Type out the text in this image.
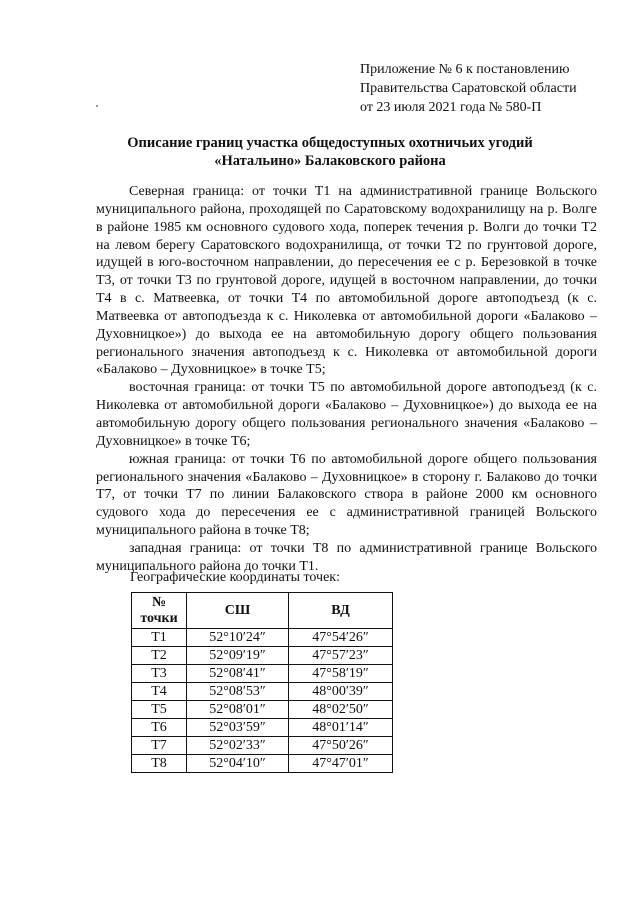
Приложение № 6 к постановлению
Правительства Саратовской области
от 23 июля 2021 года № 580-П
Описание границ участка общедоступных охотничьих угодий
«Натальино» Балаковского района

Северная граница: от точки Т1 на административной границе Вольского муниципального района, проходящей по Саратовскому водохранилищу на р. Волге в районе 1985 км основного судового хода, поперек течения р. Волги до точки Т2 на левом берегу Саратовского водохранилища, от точки Т2 по грунтовой дороге, идущей в юго-восточном направлении, до пересечения ее с р. Березовкой в точке Т3, от точки Т3 по грунтовой дороге, идущей в восточном направлении, до точки Т4 в с. Матвеевка, от точки Т4 по автомобильной дороге автоподъезд (к с. Матвеевка от автоподъезда к с. Николевка от автомобильной дороги «Балаково – Духовницкое») до выхода ее на автомобильную дорогу общего пользования регионального значения автоподъезд к с. Николевка от автомобильной дороги «Балаково – Духовницкое» в точке Т5;

восточная граница: от точки Т5 по автомобильной дороге автоподъезд (к с. Николевка от автомобильной дороги «Балаково – Духовницкое») до выхода ее на автомобильную дорогу общего пользования регионального значения «Балаково – Духовницкое» в точке Т6;

южная граница: от точки Т6 по автомобильной дороге общего пользования регионального значения «Балаково – Духовницкое» в сторону г. Балаково до точки Т7, от точки Т7 по линии Балаковского створа в районе 2000 км основного судового хода до пересечения ее с административной границей Вольского муниципального района в точке Т8;

западная граница: от точки Т8 по административной границе Вольского муниципального района до точки Т1.

Географические координаты точек:
№ точки	СШ	ВД
Т1	52°10′24″	47°54′26″
Т2	52°09′19″	47°57′23″
Т3	52°08′41″	47°58′19″
Т4	52°08′53″	48°00′39″
Т5	52°08′01″	48°02′50″
Т6	52°03′59″	48°01′14″
Т7	52°02′33″	47°50′26″
Т8	52°04′10″	47°47′01″
